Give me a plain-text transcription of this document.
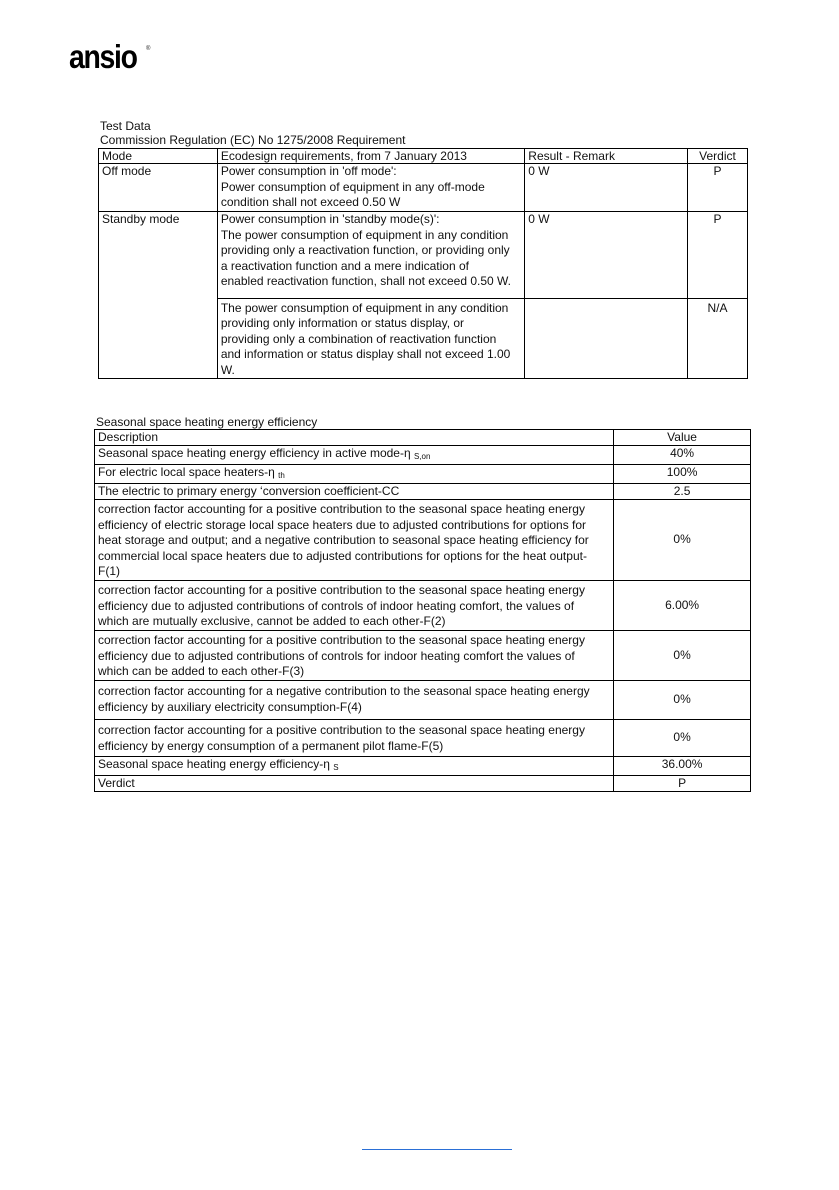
ansio ®
Test Data
Commission Regulation (EC) No 1275/2008 Requirement
Mode	Ecodesign requirements, from 7 January 2013	Result - Remark	Verdict
Off mode	Power consumption in 'off mode':
Power consumption of equipment in any off-mode
condition shall not exceed 0.50 W	0 W	P
Standby mode	Power consumption in 'standby mode(s)':
The power consumption of equipment in any condition
providing only a reactivation function, or providing only
a reactivation function and a mere indication of
enabled reactivation function, shall not exceed 0.50 W.	0 W	P

	The power consumption of equipment in any condition
providing only information or status display, or
providing only a combination of reactivation function
and information or status display shall not exceed 1.00 W.		N/A
Seasonal space heating energy efficiency
Description	Value
Seasonal space heating energy efficiency in active mode-η $_{S,on}$	40%
For electric local space heaters-η $_{th}$	100%
The electric to primary energy ‘conversion coefficient-CC	2.5

correction factor accounting for a positive contribution to the seasonal space heating energy
efficiency of electric storage local space heaters due to adjusted contributions for options for
heat storage and output; and a negative contribution to seasonal space heating efficiency for
commercial local space heaters due to adjusted contributions for options for the heat output-
F(1)	0%

correction factor accounting for a positive contribution to the seasonal space heating energy
efficiency due to adjusted contributions of controls of indoor heating comfort, the values of
which are mutually exclusive, cannot be added to each other-F(2)	6.00%

correction factor accounting for a positive contribution to the seasonal space heating energy
efficiency due to adjusted contributions of controls for indoor heating comfort the values of
which can be added to each other-F(3)	0%

correction factor accounting for a negative contribution to the seasonal space heating energy
efficiency by auxiliary electricity consumption-F(4)	0%

correction factor accounting for a positive contribution to the seasonal space heating energy
efficiency by energy consumption of a permanent pilot flame-F(5)	0%
Seasonal space heating energy efficiency-η $_S$	36.00%
Verdict	P
